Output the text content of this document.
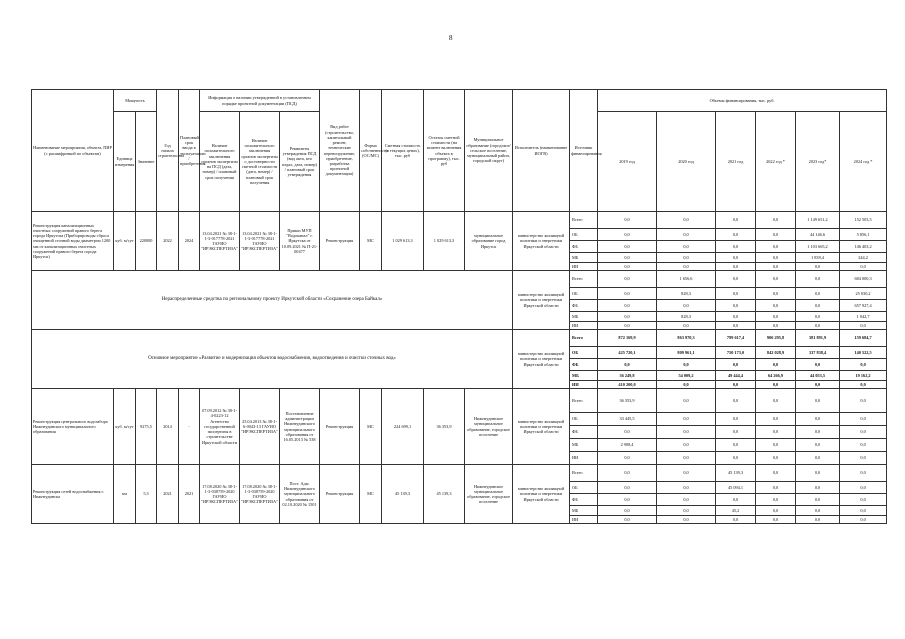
8
Наименование мероприятия, объекта, ПИР (с расшифровкой по объектам)	Мощность		Год начала строительства	Плановый срок ввода в эксплуатацию / приобретения	Информация о наличии утвержденной в установленном порядке проектной документации (ПСД)			Вид работ (строительство, капитальный ремонт, технические перевооружение, приобретение, разработка проектной документации)	Форма собственности (ОС/МС)	Сметная стоимость (в текущих ценах), тыс. руб	Остаток сметной стоимости (на момент включения объекта в программу), тыс. руб	Муниципальное образование (городское/сельское поселение, муниципальный район, городской округ)	Исполнитель (наименование ИОГВ)	Источник финансирования	Объемы финансирования, тыс. руб.					
	Единица измерения	Значение			Наличие положительного заключения органов экспертизы на ПСД (дата, номер) / плановый срок получения	Наличие положительного заключения органов экспертизы о достоверности сметной стоимости (дата, номер) / плановый срок получения	Реквизиты утверждения ПСД (вид акта, кто издал, дата, номер) / плановый срок утверждения								2019 год	2020 год	2021 год	2022 год *	2023 год*	2024 год *
Реконструкция канализационных очистных сооружений правого берега города Иркутска (Приборпроводы сброса очищенной сточной воды диаметром 1200 мм от канализационных очистных сооружений правого берега города Иркутск)	куб. м/сут	220000	2022	2024	13.04.2021 № 38-1-1-3-017778-2021 ГАУИО "ИРЭКСПЕРТИЗА"	13.04.2021 № 38-1-1-3-017778-2021 ГАУИО "ИРЭКСПЕРТИЗА"	Приказ МУП "Водоканал" г. Иркутска от 10.09.2021 № П-21-00477	Реконструкция	МС	1 029 613,3	1 029 613,3	муниципальное образование город Иркутск	министерство жилищной политики и энергетики Иркутской области	Всего	0,0	0,0	0,0	0,0	1 149 651,2	152 503,5
														ОБ	0,0	0,0	0,0	0,0	44 146,6	5 856,1
														ФБ	0,0	0,0	0,0	0,0	1 103 665,2	146 403,2
														МБ	0,0	0,0	0,0	0,0	1 839,4	244,2
														ИИ	0,0	0,0	0,0	0,0	0,0	0,0
Нераспределенные средства по региональному проекту Иркутской области «Сохранение озера Байкал»													министерство жилищной политики и энергетики Иркутской области	Всего	0,0	1 656,6	0,0	0,0	0,0	684 000,3
														ОБ	0,0	828,3	0,0	0,0	0,0	25 030,2
														ФБ	0,0	0,0	0,0	0,0	0,0	657 927,4
														МБ	0,0	828,3	0,0	0,0	0,0	1 042,7
														ИИ	0,0	0,0	0,0	0,0	0,0	0,0
Основное мероприятие «Развитие и модернизация объектов водоснабжения, водоотведения и очистки сточных вод»													министерство жилищной политики и энергетики Иркутской области	Всего	872 169,9	863 970,3	799 617,4	906 295,8	381 891,9	159 684,7
														ОБ	425 720,1	809 961,1	750 173,0	842 028,9	337 838,4	140 522,5
														ФБ	0,0	0,0	0,0	0,0	0,0	0,0
														МБ	36 249,8	54 009,2	49 444,4	64 266,9	44 053,5	19 162,2
														ИИ	410 200,0	0,0	0,0	0,0	0,0	0,0
Реконструкция центрального водозабора Нижнеудинского муниципального образования	куб. м/сут	9275,5	2014	-	07.09.2012 № 38-1-4-0223-12 Агентство государственной экспертизы в строительстве Иркутской области	25.04.2013 № 38-1-6-0043-13 ГАУИО "ИРЭКСПЕРТИЗА"	Постановление администрации Нижнеудинского муниципального образования от 16.05.2013 № 538	Реконструкция	МС	224 699,1	36 353,9	Нижнеудинское муниципальное образование, городское поселение	министерство жилищной политики и энергетики Иркутской области	Всего	36 353,9	0,0	0,0	0,0	0,0	0,0
														ОБ	33 445,5	0,0	0,0	0,0	0,0	0,0
														ФБ	0,0	0,0	0,0	0,0	0,0	0,0
														МБ	2 908,4	0,0	0,0	0,0	0,0	0,0
														ИИ	0,0	0,0	0,0	0,0	0,0	0,0
Реконструкция сетей водоснабжения г. Нижнеудинска	км	5,3	2021	2021	17.08.2020 № 38-1-1-3-038759-2020 ГАУИО "ИРЭКСПЕРТИЗА"	17.08.2020 № 38-1-1-3-038759-2020 ГАУИО "ИРЭКСПЕРТИЗА"	Пост. Адм. Нижнеудинского муниципального образования от 02.10.2020 № 1501	Реконструкция	МС	45 139,3	45 139,3	Нижнеудинское муниципальное образование, городское поселение	министерство жилищной политики и энергетики Иркутской области	Всего	0,0	0,0	45 139,3	0,0	0,0	0,0
														ОБ	0,0	0,0	45 094,1	0,0	0,0	0,0
														ФБ	0,0	0,0	0,0	0,0	0,0	0,0
														МБ	0,0	0,0	45,2	0,0	0,0	0,0
														ИИ	0,0	0,0	0,0	0,0	0,0	0,0
